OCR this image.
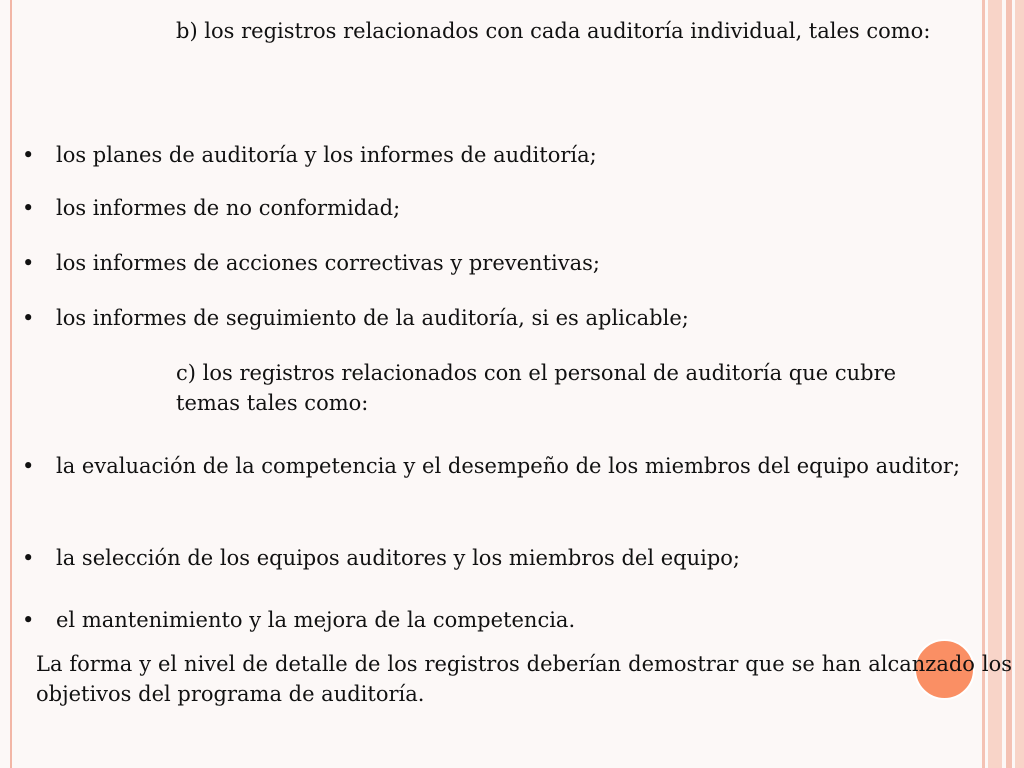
b) los registros relacionados con cada auditoría individual, tales como:

•	los planes de auditoría y los informes de auditoría;

•	los informes de no conformidad;

•	los informes de acciones correctivas y preventivas;

•	los informes de seguimiento de la auditoría, si es aplicable;

c) los registros relacionados con el personal de auditoría que cubre temas tales como:

•	la evaluación de la competencia y el desempeño de los miembros del equipo auditor;

•	la selección de los equipos auditores y los miembros del equipo;

•	el mantenimiento y la mejora de la competencia.

La forma y el nivel de detalle de los registros deberían demostrar que se han alcanzado los objetivos del programa de auditoría.
